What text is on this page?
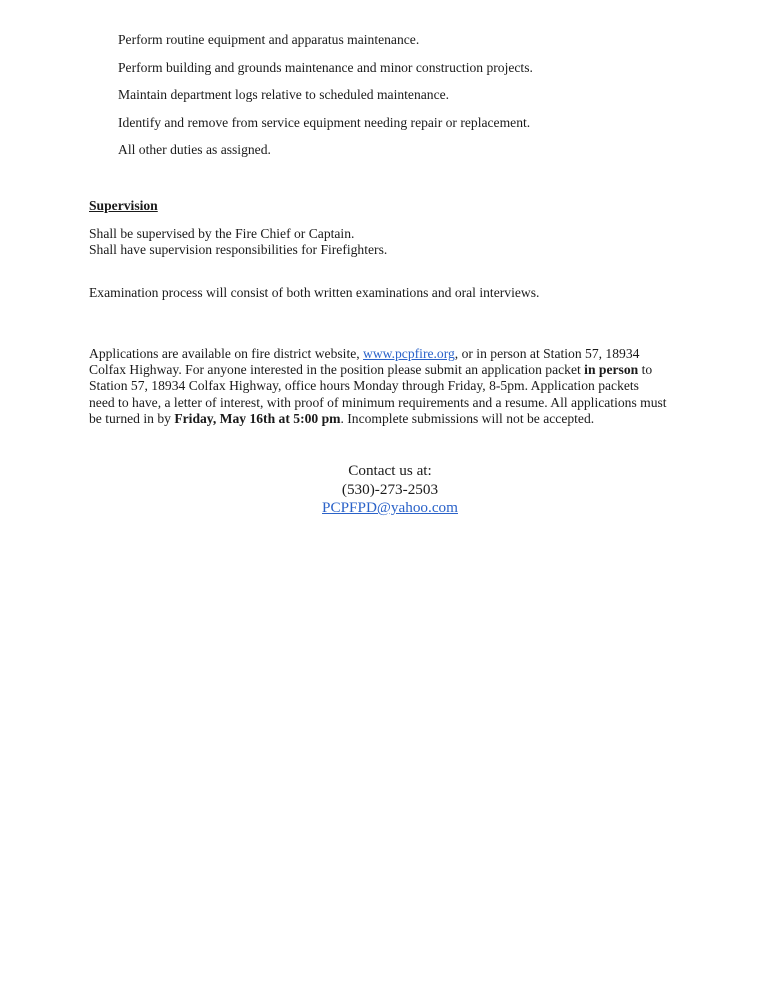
Perform routine equipment and apparatus maintenance.
Perform building and grounds maintenance and minor construction projects.
Maintain department logs relative to scheduled maintenance.
Identify and remove from service equipment needing repair or replacement.
All other duties as assigned.
Supervision
Shall be supervised by the Fire Chief or Captain.
Shall have supervision responsibilities for Firefighters.

Examination process will consist of both written examinations and oral interviews.

Applications are available on fire district website, www.pcpfire.org, or in person at Station 57, 18934
Colfax Highway. For anyone interested in the position please submit an application packet in person to
Station 57, 18934 Colfax Highway, office hours Monday through Friday, 8-5pm. Application packets
need to have, a letter of interest, with proof of minimum requirements and a resume. All applications must
be turned in by Friday, May 16th at 5:00 pm. Incomplete submissions will not be accepted.
Contact us at:
(530)-273-2503
PCPFPD@yahoo.com
